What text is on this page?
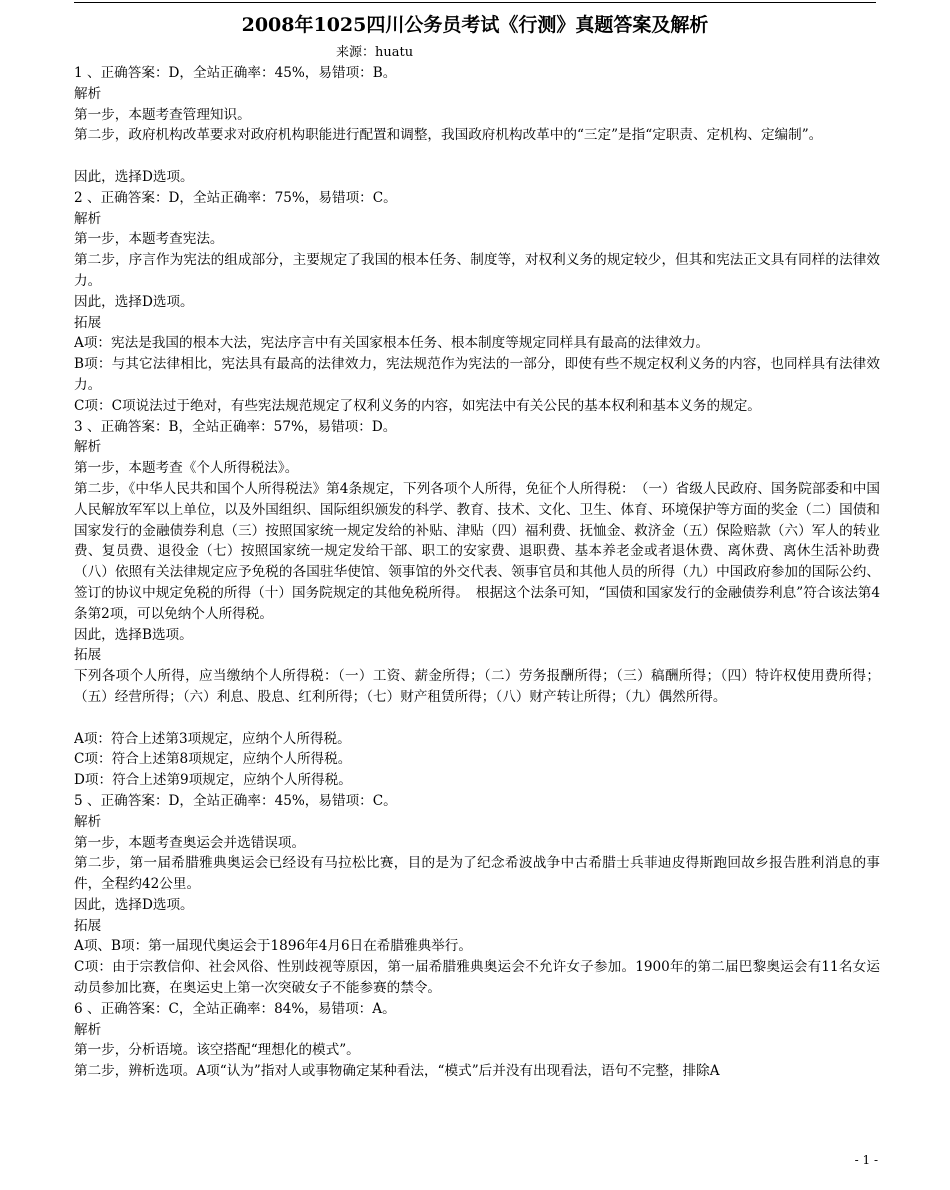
2008年1025四川公务员考试《行测》真题答案及解析
来源：huatu

1 、正确答案：D，全站正确率：45%，易错项：B。

解析

第一步，本题考查管理知识。

第二步，政府机构改革要求对政府机构职能进行配置和调整，我国政府机构改革中的“三定”是指“定职责、定机构、定编制”。

因此，选择D选项。

2 、正确答案：D，全站正确率：75%，易错项：C。

解析

第一步，本题考查宪法。

第二步，序言作为宪法的组成部分，主要规定了我国的根本任务、制度等，对权利义务的规定较少，但其和宪法正文具有同样的法律效力。

因此，选择D选项。

拓展

A项：宪法是我国的根本大法，宪法序言中有关国家根本任务、根本制度等规定同样具有最高的法律效力。

B项：与其它法律相比，宪法具有最高的法律效力，宪法规范作为宪法的一部分，即使有些不规定权利义务的内容，也同样具有法律效力。

C项：C项说法过于绝对，有些宪法规范规定了权利义务的内容，如宪法中有关公民的基本权利和基本义务的规定。

3 、正确答案：B，全站正确率：57%，易错项：D。

解析

第一步，本题考查《个人所得税法》。

第二步，《中华人民共和国个人所得税法》第4条规定，下列各项个人所得，免征个人所得税：　（一）省级人民政府、国务院部委和中国人民解放军军以上单位，以及外国组织、国际组织颁发的科学、教育、技术、文化、卫生、体育、环境保护等方面的奖金（二）国债和国家发行的金融债券利息（三）按照国家统一规定发给的补贴、津贴（四）福利费、抚恤金、救济金（五）保险赔款（六）军人的转业费、复员费、退役金（七）按照国家统一规定发给干部、职工的安家费、退职费、基本养老金或者退休费、离休费、离休生活补助费（八）依照有关法律规定应予免税的各国驻华使馆、领事馆的外交代表、领事官员和其他人员的所得（九）中国政府参加的国际公约、签订的协议中规定免税的所得（十）国务院规定的其他免税所得。　根据这个法条可知，“国债和国家发行的金融债券利息”符合该法第4条第2项，可以免纳个人所得税。

因此，选择B选项。

拓展

下列各项个人所得，应当缴纳个人所得税：（一）工资、薪金所得；（二）劳务报酬所得；（三）稿酬所得；（四）特许权使用费所得；（五）经营所得；（六）利息、股息、红利所得；（七）财产租赁所得；（八）财产转让所得；（九）偶然所得。

A项：符合上述第3项规定，应纳个人所得税。

C项：符合上述第8项规定，应纳个人所得税。

D项：符合上述第9项规定，应纳个人所得税。

5 、正确答案：D，全站正确率：45%，易错项：C。

解析

第一步，本题考查奥运会并选错误项。

第二步，第一届希腊雅典奥运会已经设有马拉松比赛，目的是为了纪念希波战争中古希腊士兵菲迪皮得斯跑回故乡报告胜利消息的事件，全程约42公里。

因此，选择D选项。

拓展

A项、B项：第一届现代奥运会于1896年4月6日在希腊雅典举行。

C项：由于宗教信仰、社会风俗、性别歧视等原因，第一届希腊雅典奥运会不允许女子参加。1900年的第二届巴黎奥运会有11名女运动员参加比赛，在奥运史上第一次突破女子不能参赛的禁令。

6 、正确答案：C，全站正确率：84%，易错项：A。

解析

第一步，分析语境。该空搭配“理想化的模式”。

第二步，辨析选项。A项“认为”指对人或事物确定某种看法，“模式”后并没有出现看法，语句不完整，排除A

- 1 -
